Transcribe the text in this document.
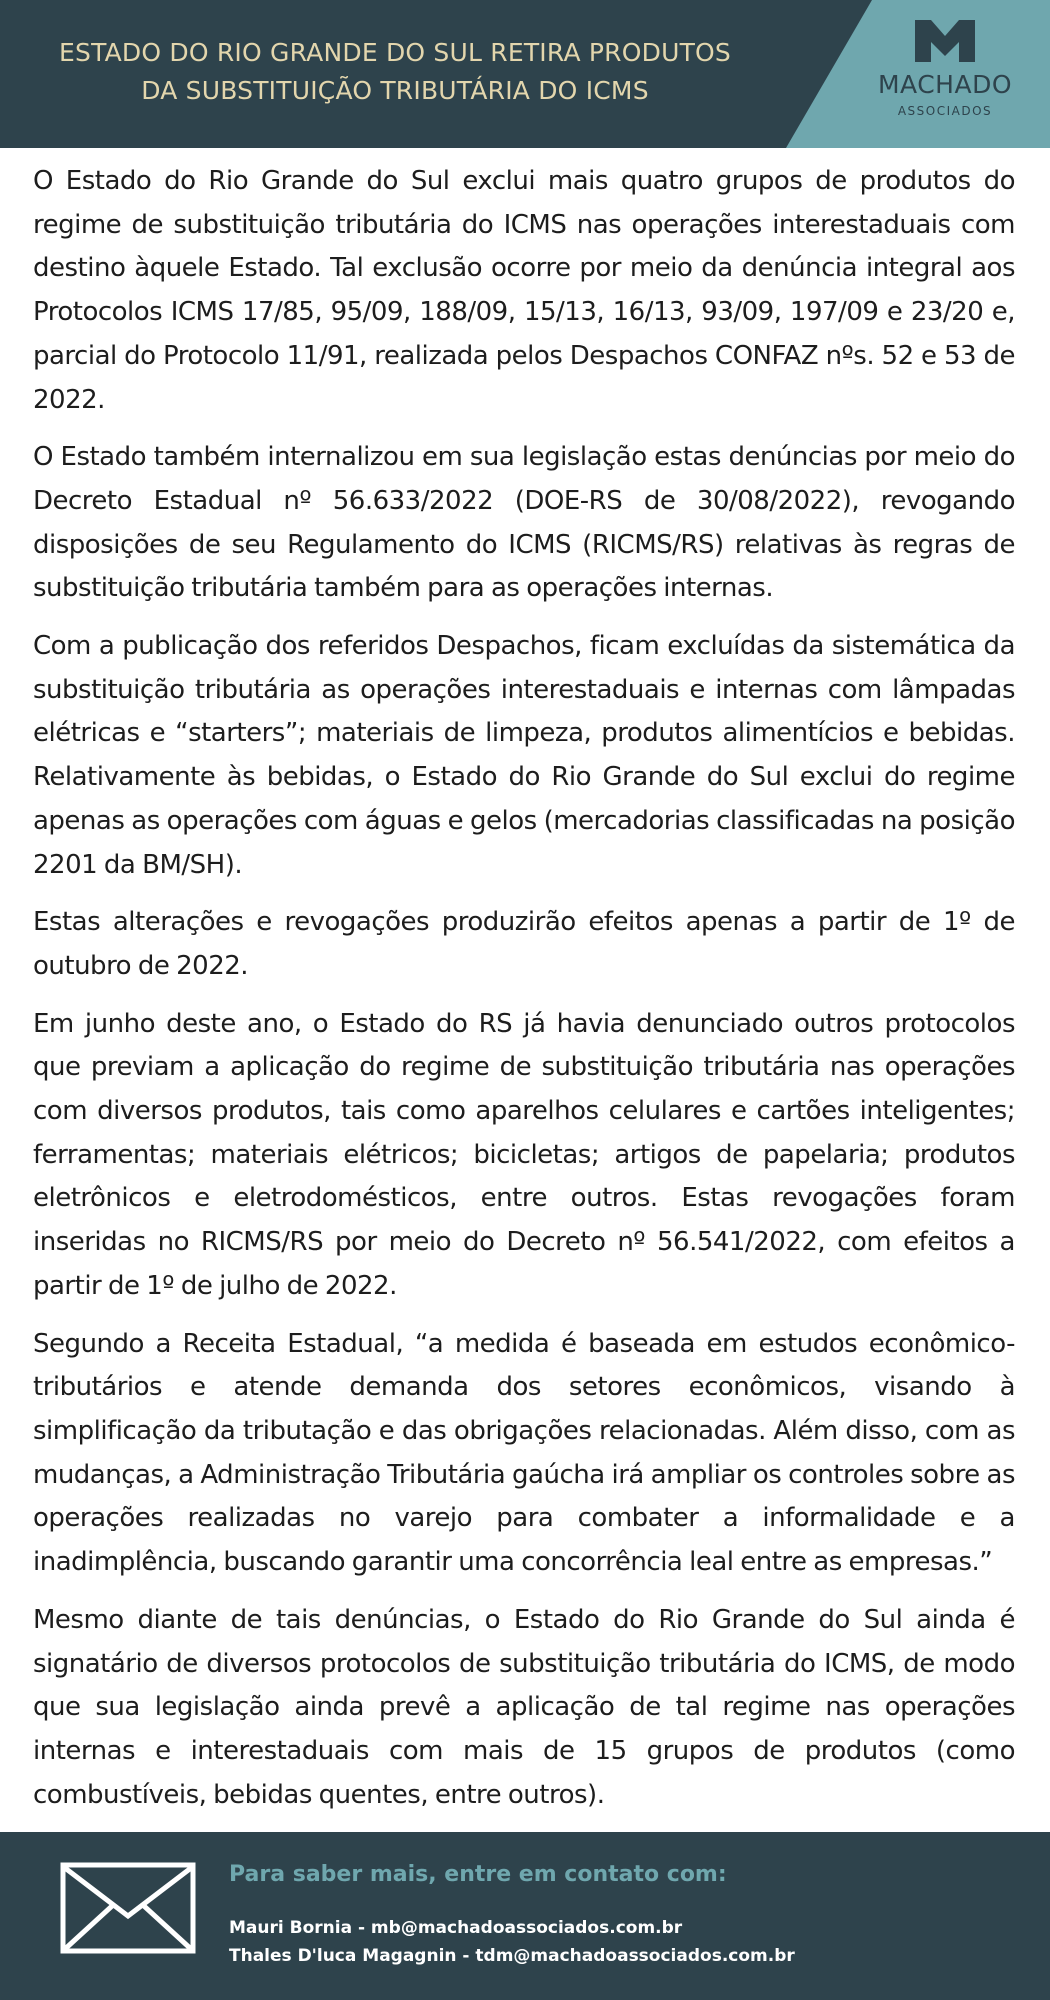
ESTADO DO RIO GRANDE DO SUL RETIRA PRODUTOS
DA SUBSTITUIÇÃO TRIBUTÁRIA DO ICMS	MACHADO
ASSOCIADOS

O Estado do Rio Grande do Sul exclui mais quatro grupos de produtos do regime de substituição tributária do ICMS nas operações interestaduais com destino àquele Estado. Tal exclusão ocorre por meio da denúncia integral aos Protocolos ICMS 17/85, 95/09, 188/09, 15/13, 16/13, 93/09, 197/09 e 23/20 e, parcial do Protocolo 11/91, realizada pelos Despachos CONFAZ nºs. 52 e 53 de 2022.

O Estado também internalizou em sua legislação estas denúncias por meio do Decreto Estadual nº 56.633/2022 (DOE-RS de 30/08/2022), revogando disposições de seu Regulamento do ICMS (RICMS/RS) relativas às regras de substituição tributária também para as operações internas.

Com a publicação dos referidos Despachos, ficam excluídas da sistemática da substituição tributária as operações interestaduais e internas com lâmpadas elétricas e “starters”; materiais de limpeza, produtos alimentícios e bebidas. Relativamente às bebidas, o Estado do Rio Grande do Sul exclui do regime apenas as operações com águas e gelos (mercadorias classificadas na posição 2201 da BM/SH).

Estas alterações e revogações produzirão efeitos apenas a partir de 1º de outubro de 2022.

Em junho deste ano, o Estado do RS já havia denunciado outros protocolos que previam a aplicação do regime de substituição tributária nas operações com diversos produtos, tais como aparelhos celulares e cartões inteligentes; ferramentas; materiais elétricos; bicicletas; artigos de papelaria; produtos eletrônicos e eletrodomésticos, entre outros. Estas revogações foram inseridas no RICMS/RS por meio do Decreto nº 56.541/2022, com efeitos a partir de 1º de julho de 2022.

Segundo a Receita Estadual, “a medida é baseada em estudos econômico-tributários e atende demanda dos setores econômicos, visando à simplificação da tributação e das obrigações relacionadas. Além disso, com as mudanças, a Administração Tributária gaúcha irá ampliar os controles sobre as operações realizadas no varejo para combater a informalidade e a inadimplência, buscando garantir uma concorrência leal entre as empresas.”

Mesmo diante de tais denúncias, o Estado do Rio Grande do Sul ainda é signatário de diversos protocolos de substituição tributária do ICMS, de modo que sua legislação ainda prevê a aplicação de tal regime nas operações internas e interestaduais com mais de 15 grupos de produtos (como combustíveis, bebidas quentes, entre outros).

Para saber mais, entre em contato com:
Mauri Bornia - mb@machadoassociados.com.br
Thales D'luca Magagnin - tdm@machadoassociados.com.br
